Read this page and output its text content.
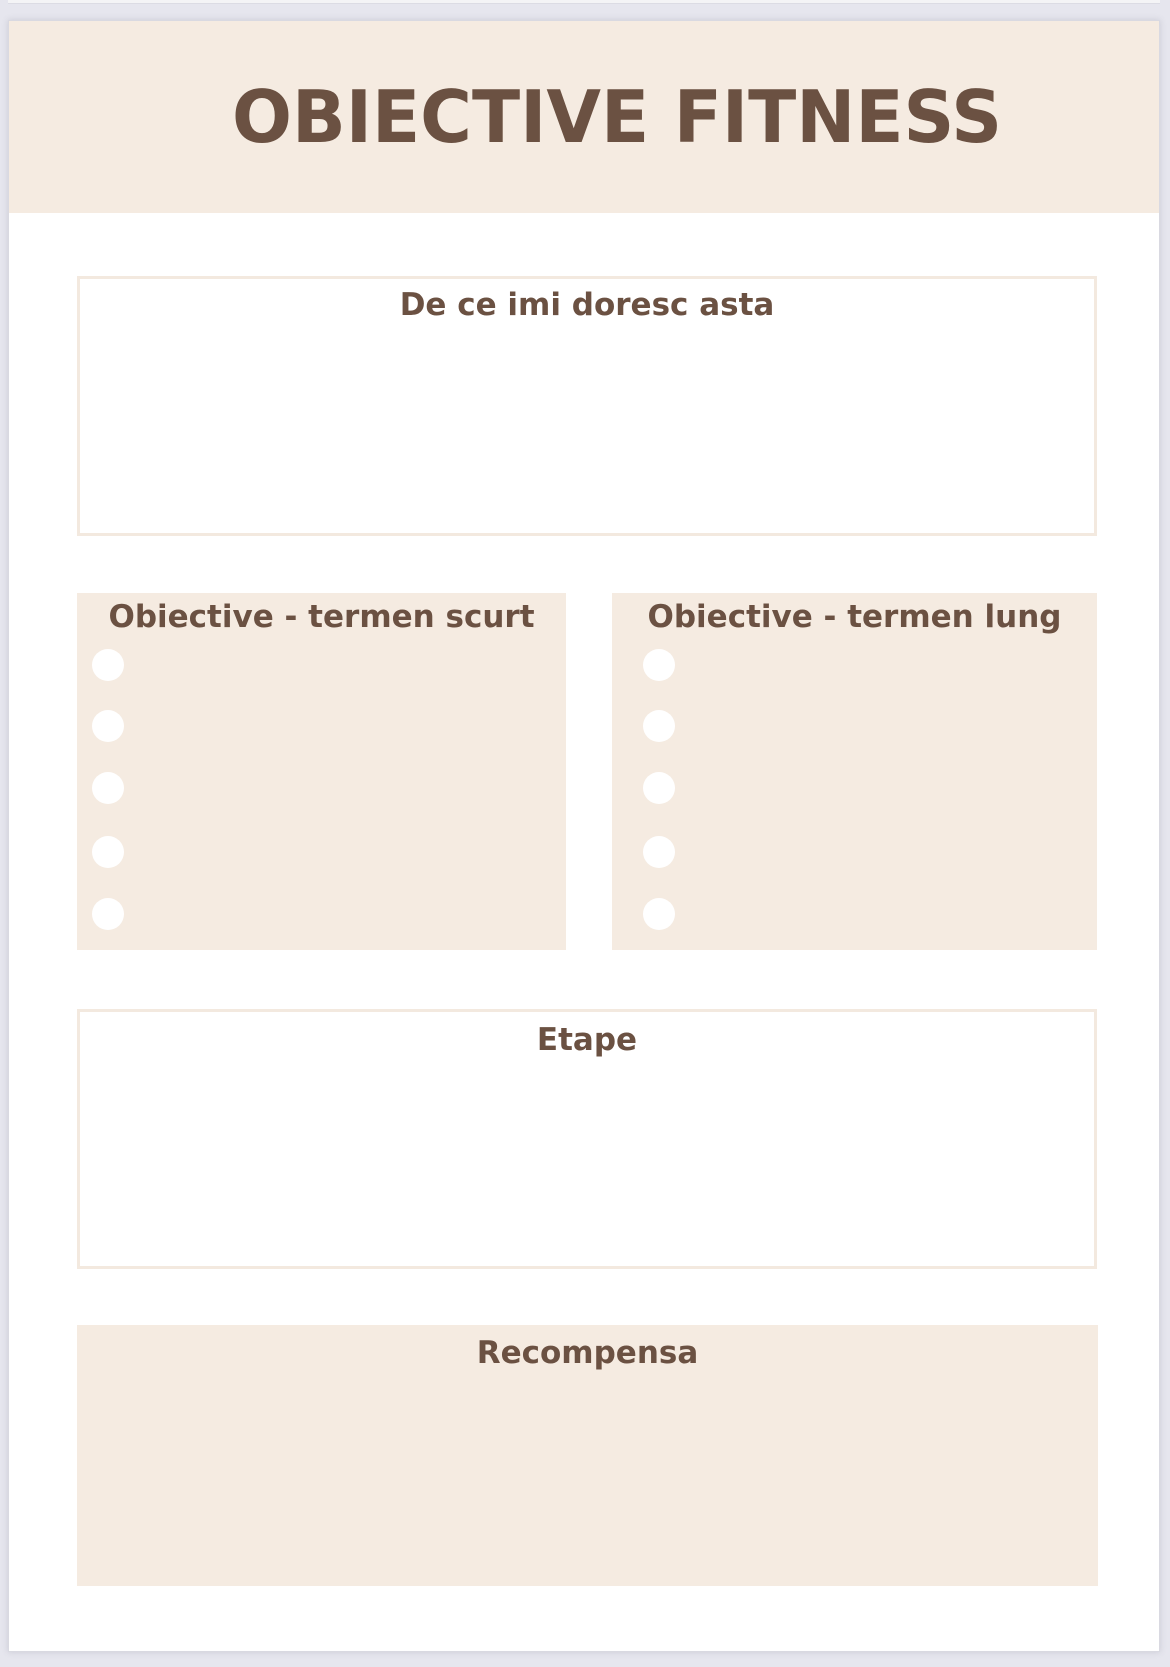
OBIECTIVE FITNESS
De ce imi doresc asta
Obiective - termen scurt	Obiective - termen lung
Etape
Recompensa
